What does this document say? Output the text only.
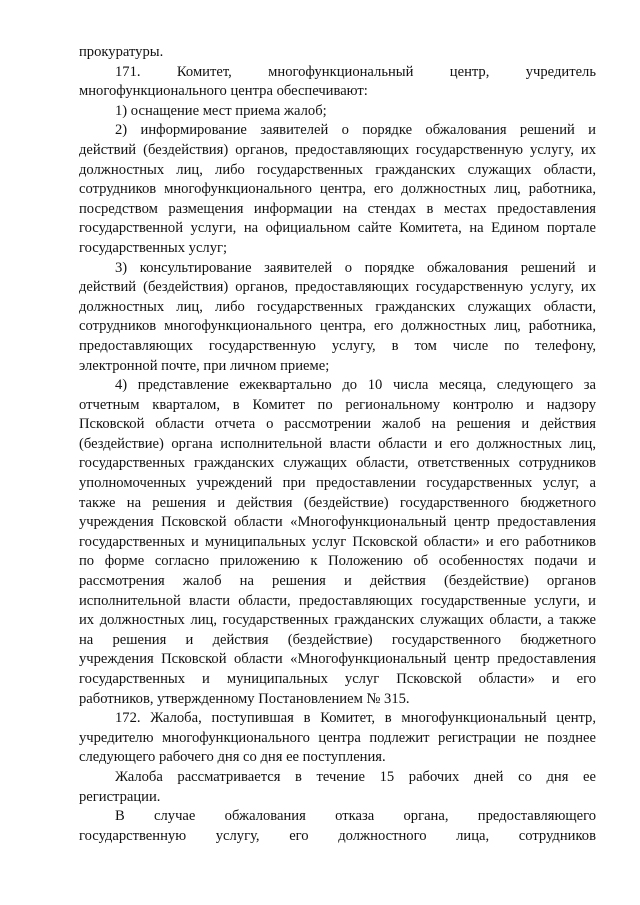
прокуратуры.
171. Комитет, многофункциональный центр, учредитель
многофункционального центра обеспечивают:
1) оснащение мест приема жалоб;
2) информирование заявителей о порядке обжалования решений и
действий (бездействия) органов, предоставляющих государственную услугу, их
должностных лиц, либо государственных гражданских служащих области,
сотрудников многофункционального центра, его должностных лиц, работника,
посредством размещения информации на стендах в местах предоставления
государственной услуги, на официальном сайте Комитета, на Едином портале
государственных услуг;
3) консультирование заявителей о порядке обжалования решений и
действий (бездействия) органов, предоставляющих государственную услугу, их
должностных лиц, либо государственных гражданских служащих области,
сотрудников многофункционального центра, его должностных лиц, работника,
предоставляющих государственную услугу, в том числе по телефону,
электронной почте, при личном приеме;
4) представление ежеквартально до 10 числа месяца, следующего за
отчетным кварталом, в Комитет по региональному контролю и надзору
Псковской области отчета о рассмотрении жалоб на решения и действия
(бездействие) органа исполнительной власти области и его должностных лиц,
государственных гражданских служащих области, ответственных сотрудников
уполномоченных учреждений при предоставлении государственных услуг, а
также на решения и действия (бездействие) государственного бюджетного
учреждения Псковской области «Многофункциональный центр предоставления
государственных и муниципальных услуг Псковской области» и его работников
по форме согласно приложению к Положению об особенностях подачи и
рассмотрения жалоб на решения и действия (бездействие) органов
исполнительной власти области, предоставляющих государственные услуги, и
их должностных лиц, государственных гражданских служащих области, а также
на решения и действия (бездействие) государственного бюджетного
учреждения Псковской области «Многофункциональный центр предоставления
государственных и муниципальных услуг Псковской области» и его
работников, утвержденному Постановлением № 315.
172. Жалоба, поступившая в Комитет, в многофункциональный центр,
учредителю многофункционального центра подлежит регистрации не позднее
следующего рабочего дня со дня ее поступления.
Жалоба рассматривается в течение 15 рабочих дней со дня ее
регистрации.
В случае обжалования отказа органа, предоставляющего
государственную услугу, его должностного лица, сотрудников
